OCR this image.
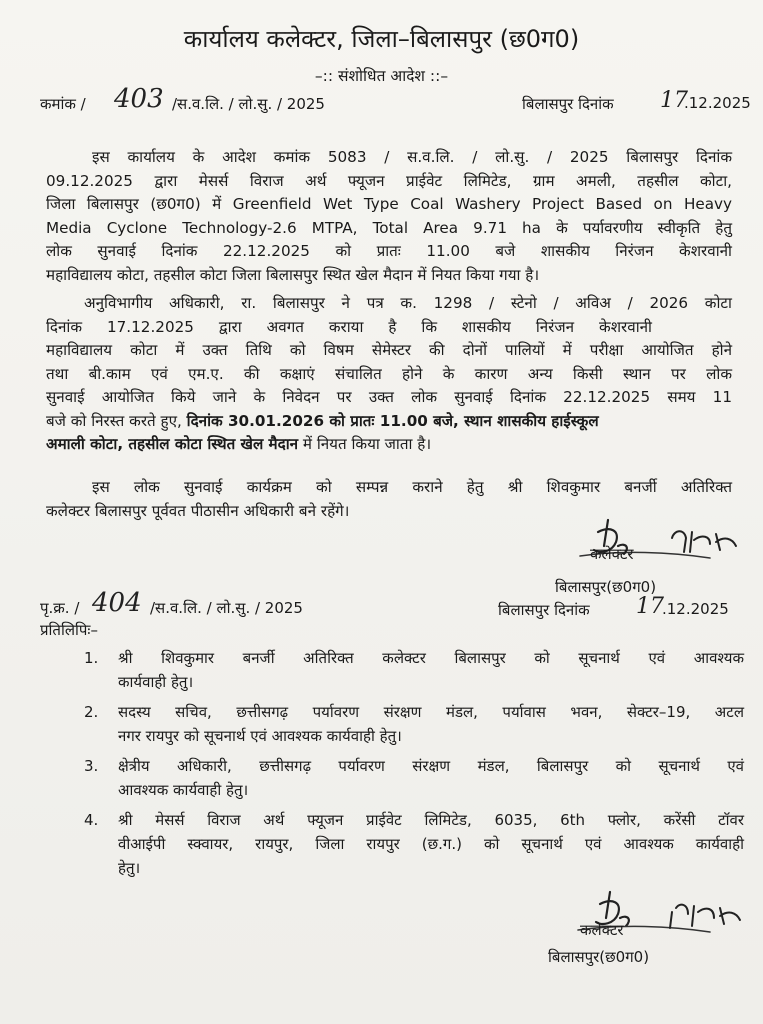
कार्यालय कलेक्टर, जिला–बिलासपुर (छ0ग0)
–:: संशोधित आदेश ::–
कमांक / 403 /स.व.लि. / लो.सु. / 2025	बिलासपुर दिनांक 17
.12.2025
इस कार्यालय के आदेश कमांक 5083 / स.व.लि. / लो.सु. / 2025 बिलासपुर दिनांक
09.12.2025 द्वारा मेसर्स विराज अर्थ फ्यूजन प्राईवेट लिमिटेड, ग्राम अमली, तहसील कोटा,
जिला बिलासपुर (छ0ग0) में Greenfield Wet Type Coal Washery Project Based on Heavy
Media Cyclone Technology-2.6 MTPA, Total Area 9.71 ha के पर्यावरणीय स्वीकृति हेतु
लोक सुनवाई दिनांक 22.12.2025 को प्रातः 11.00 बजे शासकीय निरंजन केशरवानी
महाविद्यालय कोटा, तहसील कोटा जिला बिलासपुर स्थित खेल मैदान में नियत किया गया है।
अनुविभागीय अधिकारी, रा. बिलासपुर ने पत्र क. 1298 / स्टेनो / अविअ / 2026 कोटा
दिनांक 17.12.2025 द्वारा अवगत कराया है कि शासकीय निरंजन केशरवानी
महाविद्यालय कोटा में उक्त तिथि को विषम सेमेस्टर की दोनों पालियों में परीक्षा आयोजित होने
तथा बी.काम एवं एम.ए. की कक्षाएं संचालित होने के कारण अन्य किसी स्थान पर लोक
सुनवाई आयोजित किये जाने के निवेदन पर उक्त लोक सुनवाई दिनांक 22.12.2025 समय 11
बजे को निरस्त करते हुए, दिनांक 30.01.2026 को प्रातः 11.00 बजे, स्थान शासकीय हाईस्कूल
अमाली कोटा, तहसील कोटा स्थित खेल मैदान में नियत किया जाता है।
इस लोक सुनवाई कार्यक्रम को सम्पन्न कराने हेतु श्री शिवकुमार बनर्जी अतिरिक्त
कलेक्टर बिलासपुर पूर्ववत पीठासीन अधिकारी बने रहेंगे।
कलेक्टर
बिलासपुर(छ0ग0)
पृ.क्र. / 404 /स.व.लि. / लो.सु. / 2025	बिलासपुर दिनांक 17
.12.2025
प्रतिलिपिः–
1. श्री शिवकुमार बनर्जी अतिरिक्त कलेक्टर बिलासपुर को सूचनार्थ एवं आवश्यक
कार्यवाही हेतु।
2. सदस्य सचिव, छत्तीसगढ़ पर्यावरण संरक्षण मंडल, पर्यावास भवन, सेक्टर–19, अटल
नगर रायपुर को सूचनार्थ एवं आवश्यक कार्यवाही हेतु।
3. क्षेत्रीय अधिकारी, छत्तीसगढ़ पर्यावरण संरक्षण मंडल, बिलासपुर को सूचनार्थ एवं
आवश्यक कार्यवाही हेतु।
4. श्री मेसर्स विराज अर्थ फ्यूजन प्राईवेट लिमिटेड, 6035, 6th फ्लोर, करेंसी टॉवर
वीआईपी स्क्वायर, रायपुर, जिला रायपुर (छ.ग.) को सूचनार्थ एवं आवश्यक कार्यवाही
हेतु।
कलेक्टर
बिलासपुर(छ0ग0)
